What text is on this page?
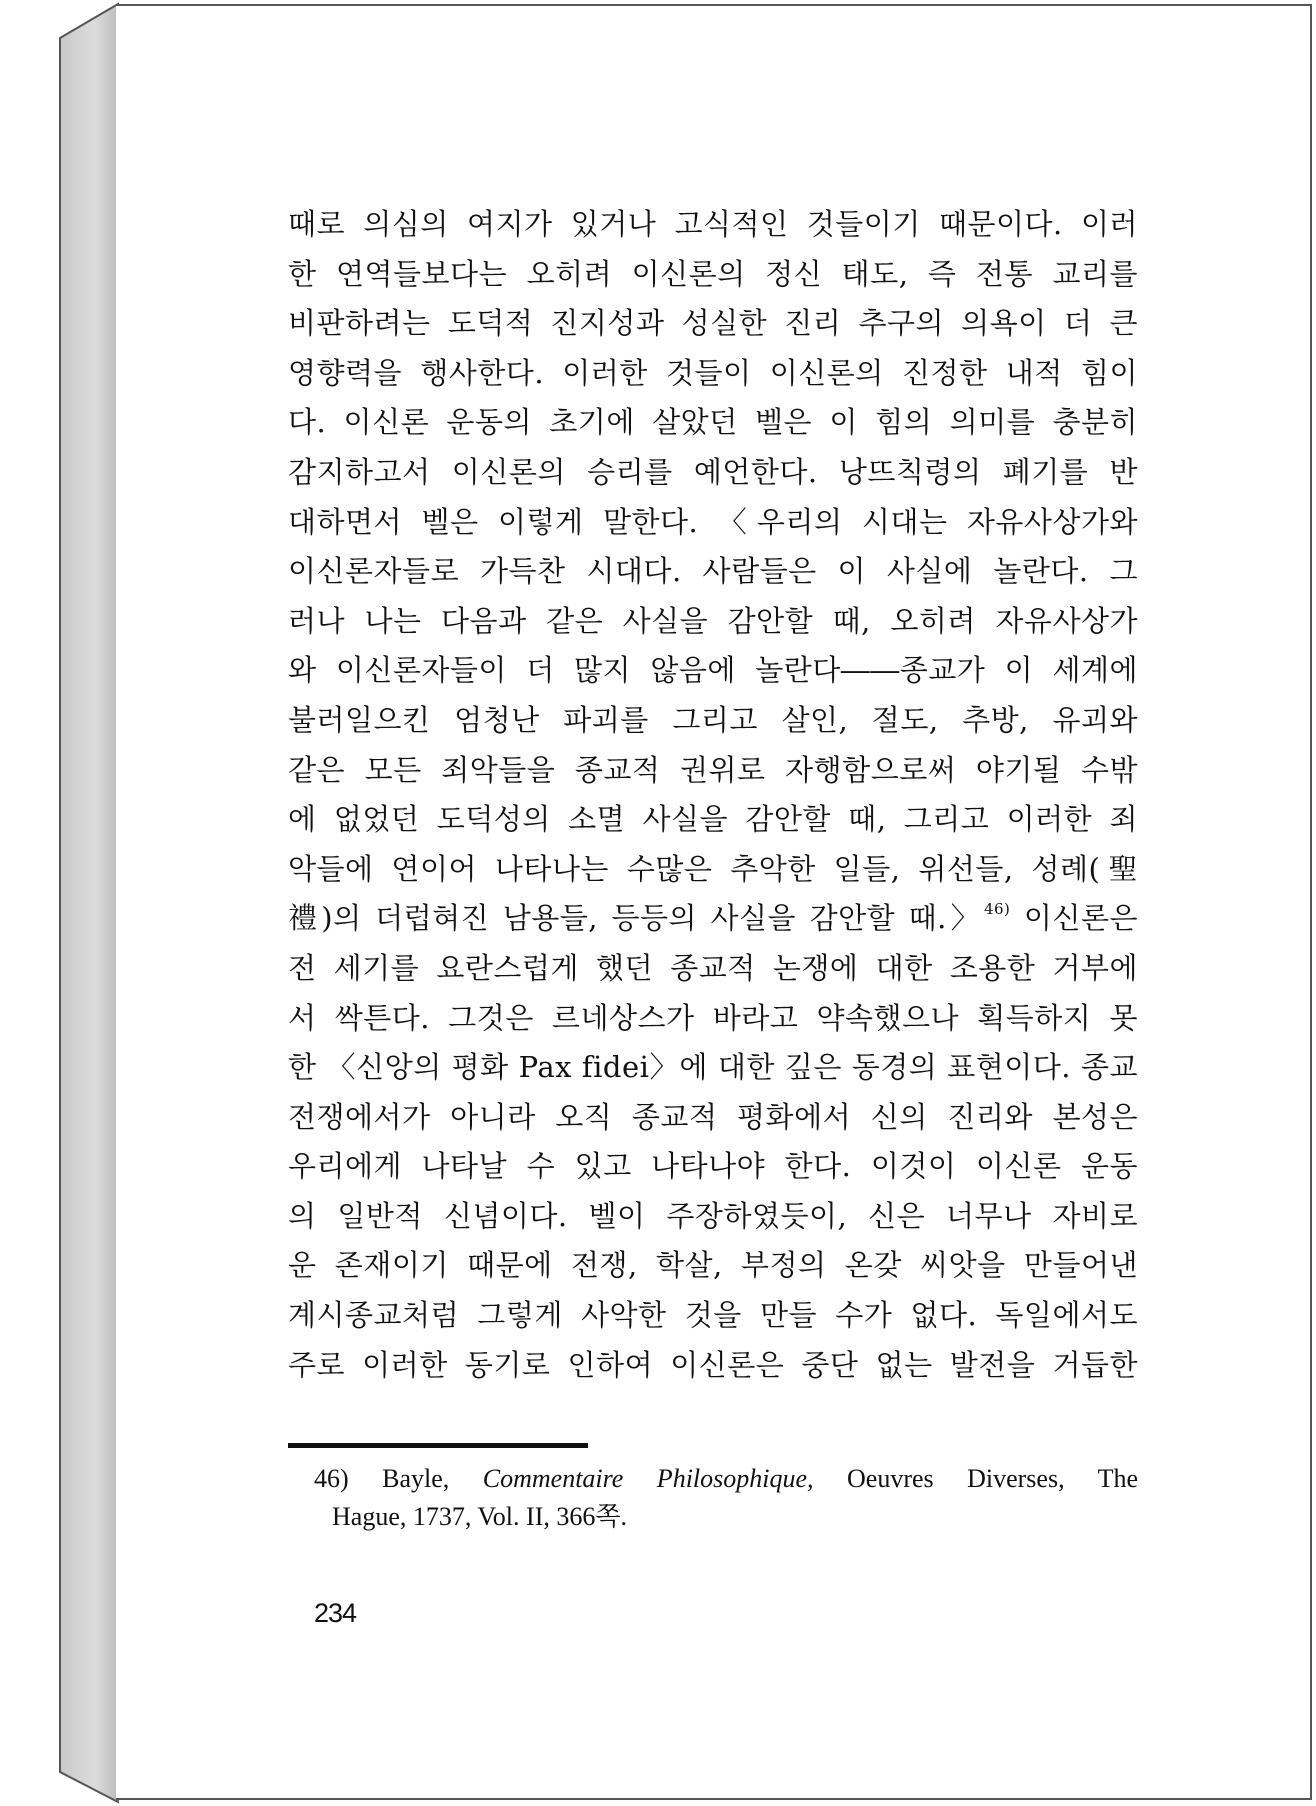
때로 의심의 여지가 있거나 고식적인 것들이기 때문이다. 이러
한 연역들보다는 오히려 이신론의 정신 태도, 즉 전통 교리를
비판하려는 도덕적 진지성과 성실한 진리 추구의 의욕이 더 큰
영향력을 행사한다. 이러한 것들이 이신론의 진정한 내적 힘이
다. 이신론 운동의 초기에 살았던 벨은 이 힘의 의미를 충분히
감지하고서 이신론의 승리를 예언한다. 낭뜨칙령의 폐기를 반
대하면서 벨은 이렇게 말한다. 〈우리의 시대는 자유사상가와
이신론자들로 가득찬 시대다. 사람들은 이 사실에 놀란다. 그
러나 나는 다음과 같은 사실을 감안할 때, 오히려 자유사상가
와 이신론자들이 더 많지 않음에 놀란다――종교가 이 세계에
불러일으킨 엄청난 파괴를 그리고 살인, 절도, 추방, 유괴와
같은 모든 죄악들을 종교적 권위로 자행함으로써 야기될 수밖
에 없었던 도덕성의 소멸 사실을 감안할 때, 그리고 이러한 죄
악들에 연이어 나타나는 수많은 추악한 일들, 위선들, 성례(聖
禮)의 더럽혀진 남용들, 등등의 사실을 감안할 때.〉$^{46)}$ 이신론은
전 세기를 요란스럽게 했던 종교적 논쟁에 대한 조용한 거부에
서 싹튼다. 그것은 르네상스가 바라고 약속했으나 획득하지 못
한 〈신앙의 평화 Pax fidei〉에 대한 깊은 동경의 표현이다. 종교
전쟁에서가 아니라 오직 종교적 평화에서 신의 진리와 본성은
우리에게 나타날 수 있고 나타나야 한다. 이것이 이신론 운동
의 일반적 신념이다. 벨이 주장하였듯이, 신은 너무나 자비로
운 존재이기 때문에 전쟁, 학살, 부정의 온갖 씨앗을 만들어낸
계시종교처럼 그렇게 사악한 것을 만들 수가 없다. 독일에서도
주로 이러한 동기로 인하여 이신론은 중단 없는 발전을 거듭한
46) Bayle, Commentaire Philosophique, Oeuvres Diverses, The
Hague, 1737, Vol. II, 366쪽.
234
